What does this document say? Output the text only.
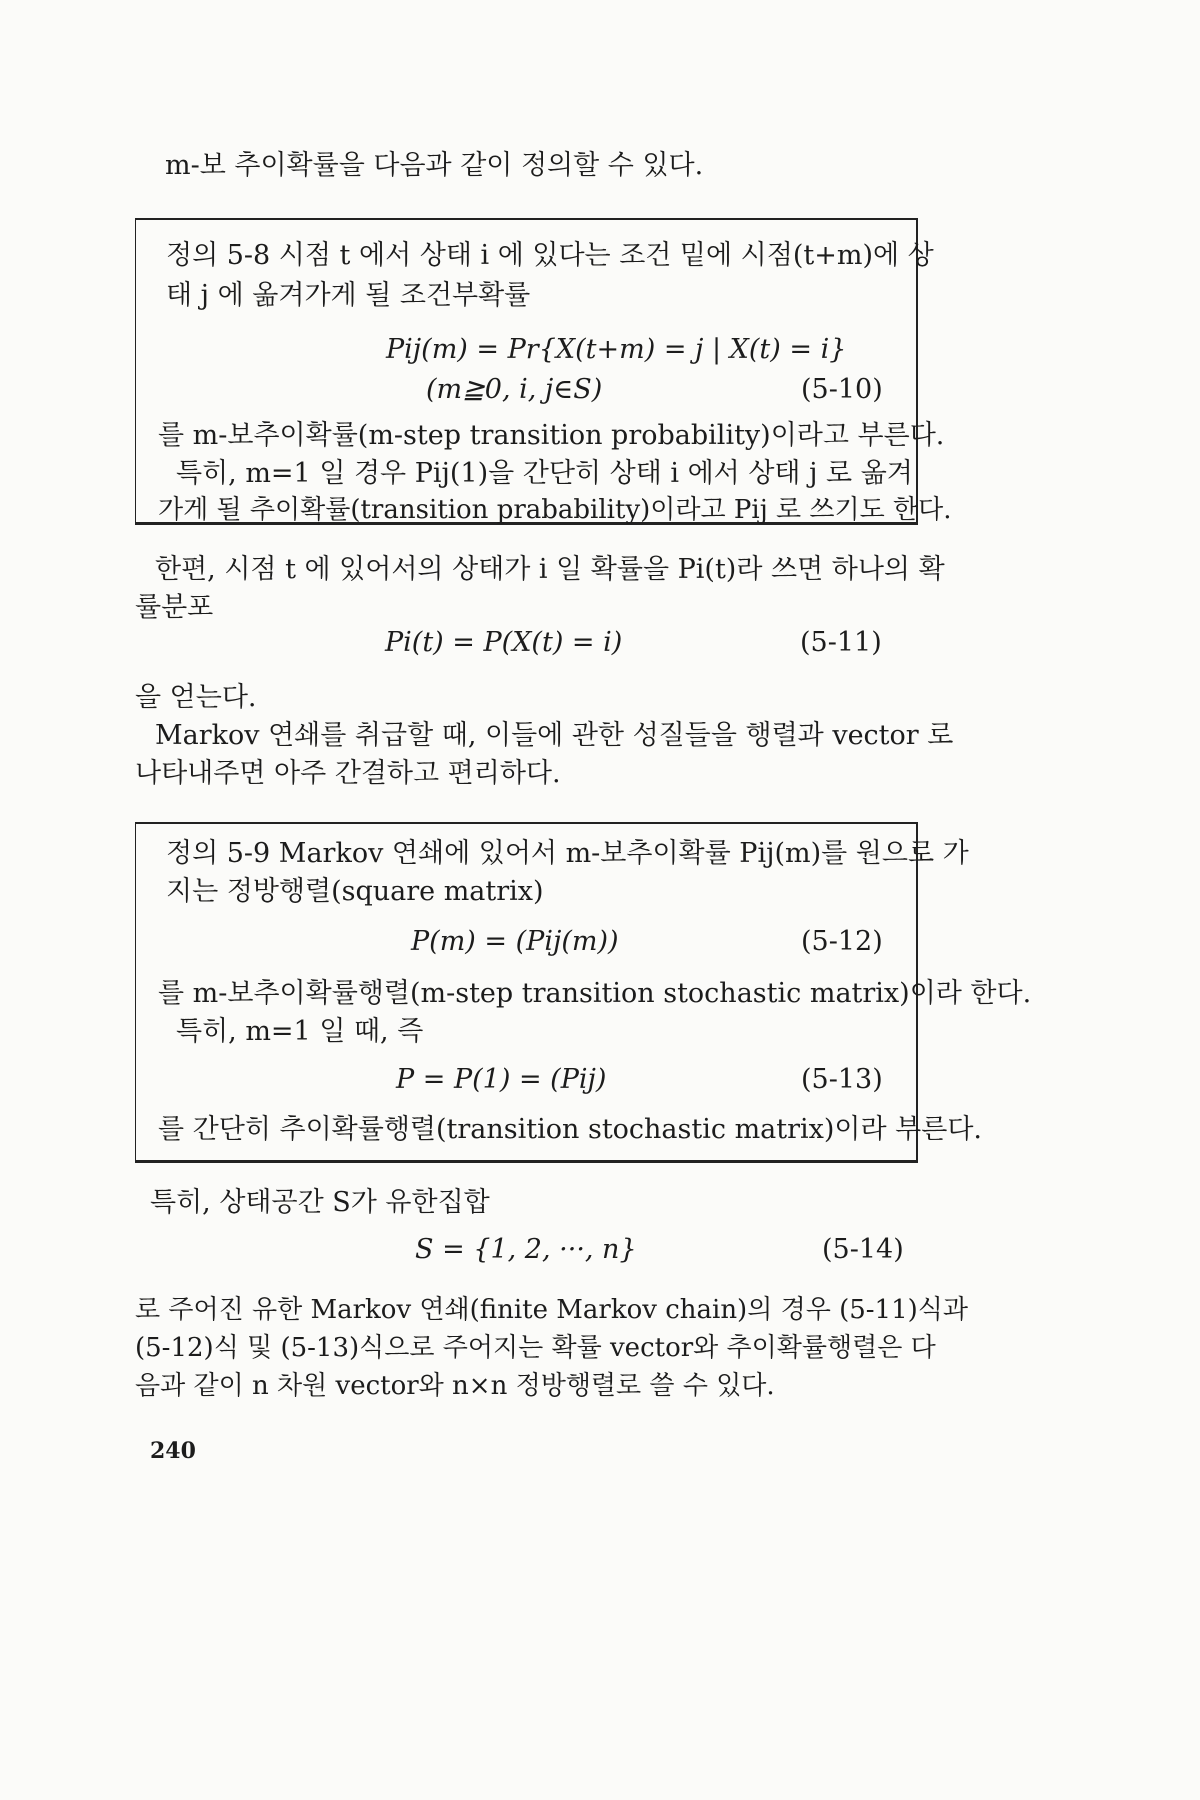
m-보 추이확률을 다음과 같이 정의할 수 있다.
정의 5-8 시점 t 에서 상태 i 에 있다는 조건 밑에 시점(t+m)에 상
태 j 에 옮겨가게 될 조건부확률
Pij(m) = Pr{X(t+m) = j | X(t) = i}
(m≧0, i, j∈S)	(5-10)
를 m-보추이확률(m-step transition probability)이라고 부른다.
특히, m=1 일 경우 Pij(1)을 간단히 상태 i 에서 상태 j 로 옮겨
가게 될 추이확률(transition prabability)이라고 Pij 로 쓰기도 한다.
한편, 시점 t 에 있어서의 상태가 i 일 확률을 Pi(t)라 쓰면 하나의 확
률분포
Pi(t) = P(X(t) = i)	(5-11)
을 얻는다.
Markov 연쇄를 취급할 때, 이들에 관한 성질들을 행렬과 vector 로
나타내주면 아주 간결하고 편리하다.
정의 5-9 Markov 연쇄에 있어서 m-보추이확률 Pij(m)를 원으로 가
지는 정방행렬(square matrix)
P(m) = (Pij(m))	(5-12)
를 m-보추이확률행렬(m-step transition stochastic matrix)이라 한다.
특히, m=1 일 때, 즉
P = P(1) = (Pij)	(5-13)
를 간단히 추이확률행렬(transition stochastic matrix)이라 부른다.
특히, 상태공간 S가 유한집합
S = {1, 2, ···, n}	(5-14)
로 주어진 유한 Markov 연쇄(finite Markov chain)의 경우 (5-11)식과
(5-12)식 및 (5-13)식으로 주어지는 확률 vector와 추이확률행렬은 다
음과 같이 n 차원 vector와 n×n 정방행렬로 쓸 수 있다.
240
